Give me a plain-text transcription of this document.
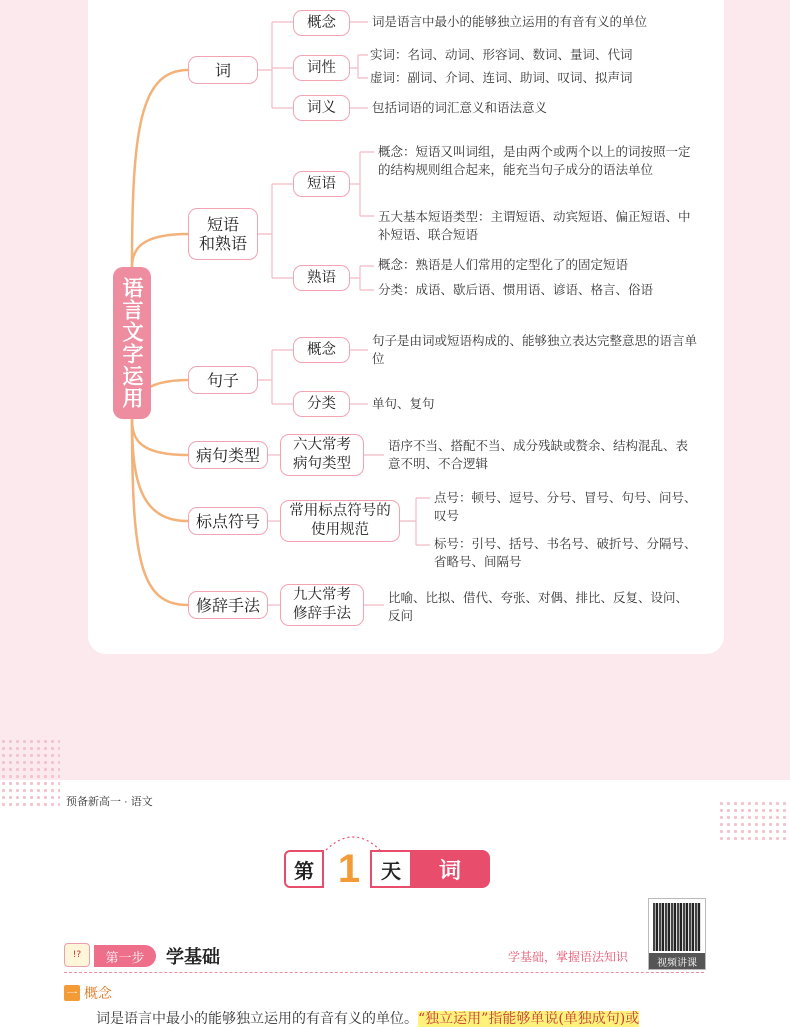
语言文字运用
词
概念	词是语言中最小的能够独立运用的有音有义的单位
词性
实词：名词、动词、形容词、数词、量词、代词
虚词：副词、介词、连词、助词、叹词、拟声词
词义	包括词语的词汇意义和语法意义
短语
和熟语
短语
概念：短语又叫词组，是由两个或两个以上的词按照一定的结构规则组合起来，能充当句子成分的语法单位
五大基本短语类型：主谓短语、动宾短语、偏正短语、中补短语、联合短语
熟语
概念：熟语是人们常用的定型化了的固定短语
分类：成语、歇后语、惯用语、谚语、格言、俗语
句子
概念
句子是由词或短语构成的、能够独立表达完整意思的语言单位
分类	单句、复句
病句类型
六大常考
病句类型
语序不当、搭配不当、成分残缺或赘余、结构混乱、表意不明、不合逻辑
标点符号
常用标点符号的
使用规范
点号：顿号、逗号、分号、冒号、句号、问号、叹号
标号：引号、括号、书名号、破折号、分隔号、省略号、间隔号
修辞手法
九大常考
修辞手法
比喻、比拟、借代、夸张、对偶、排比、反复、设问、反问
预备新高一 · 语文
第 1	天	词
!?	第一步	学基础	学基础，掌握语法知识	视频讲课
一 概念
词是语言中最小的能够独立运用的有音有义的单位。“独立运用”指能够单说(单独成句)或
